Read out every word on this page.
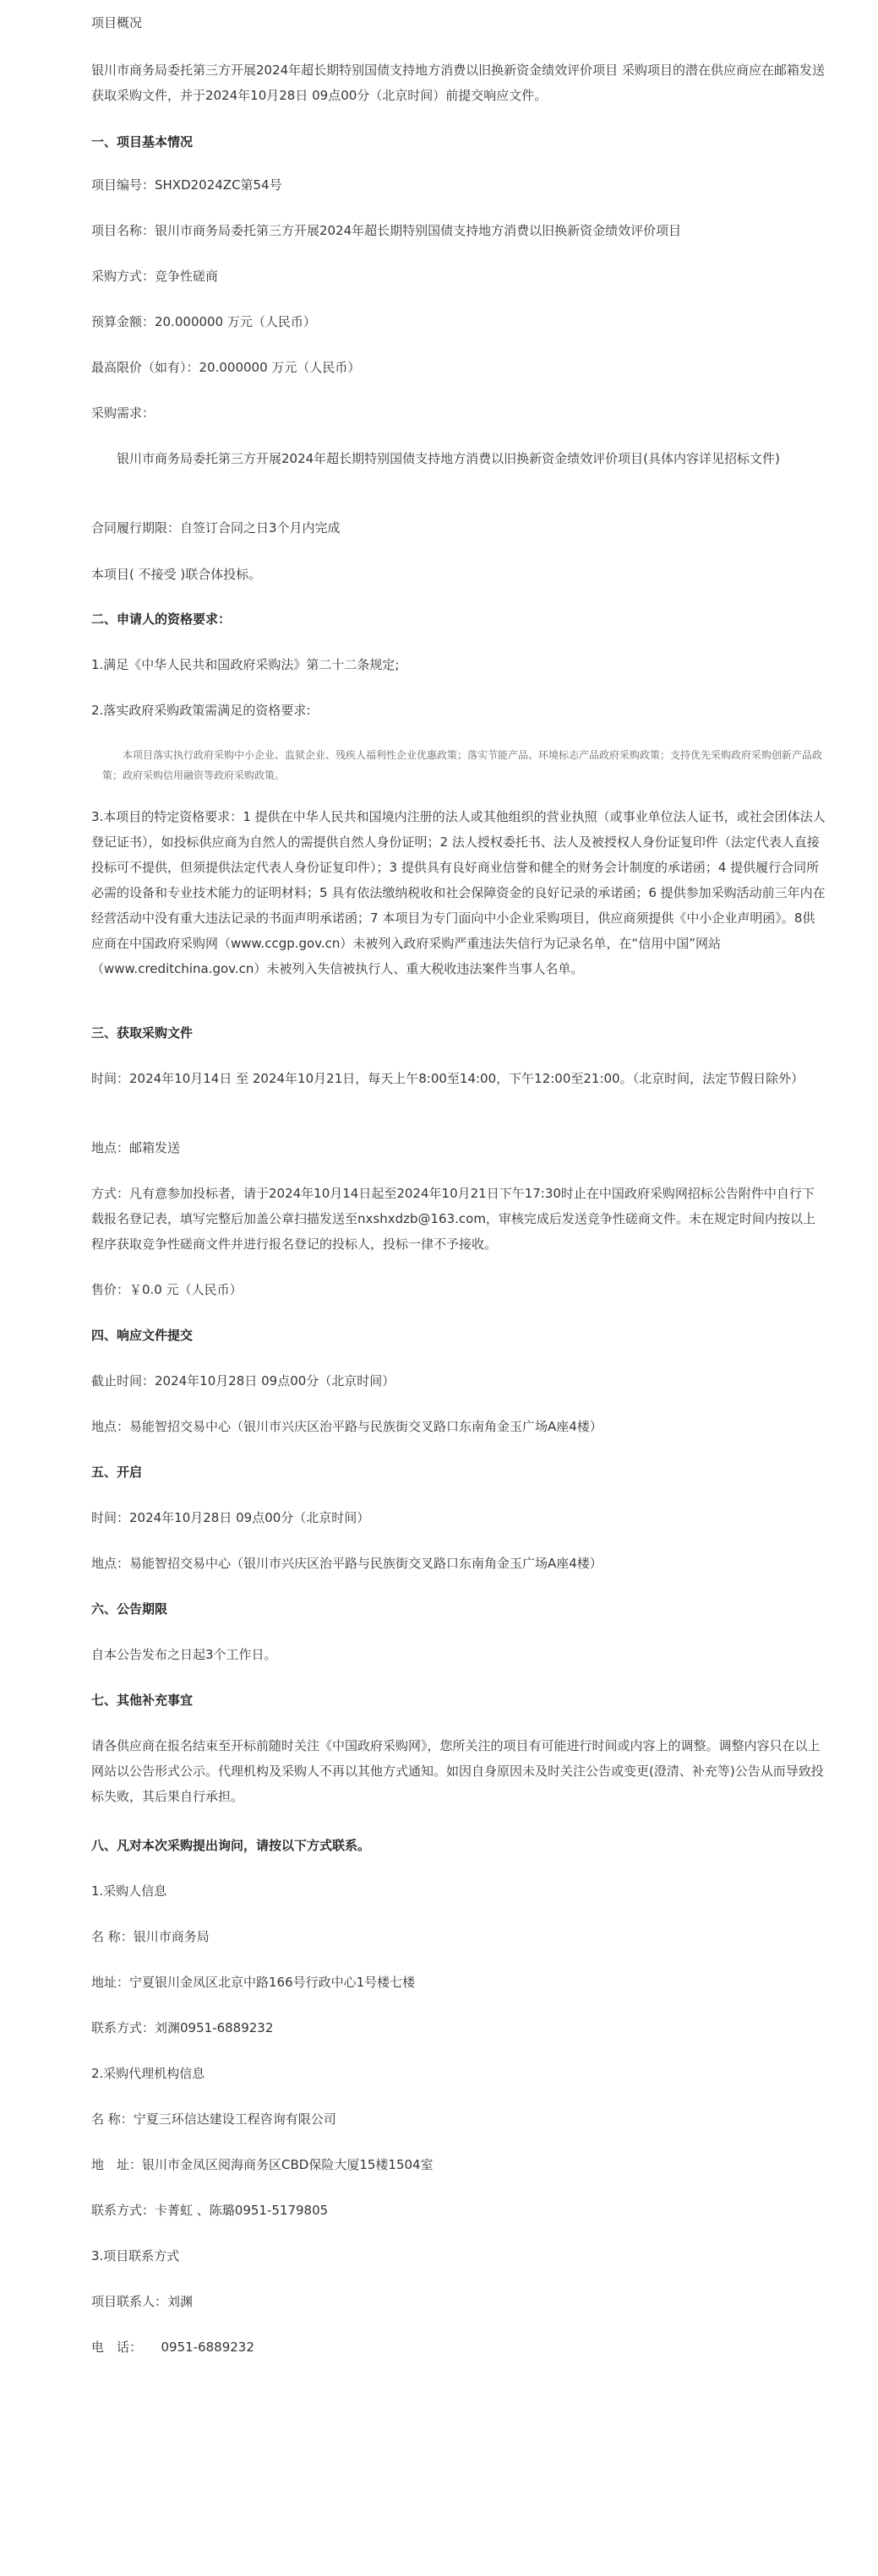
项目概况

银川市商务局委托第三方开展2024年超长期特别国债支持地方消费以旧换新资金绩效评价项目 采购项目的潜在供应商应在邮箱发送获取采购文件，并于2024年10月28日 09点00分（北京时间）前提交响应文件。

一、项目基本情况

项目编号：SHXD2024ZC第54号

项目名称：银川市商务局委托第三方开展2024年超长期特别国债支持地方消费以旧换新资金绩效评价项目

采购方式：竞争性磋商

预算金额：20.000000 万元（人民币）

最高限价（如有）：20.000000 万元（人民币）

采购需求：

银川市商务局委托第三方开展2024年超长期特别国债支持地方消费以旧换新资金绩效评价项目(具体内容详见招标文件)

合同履行期限：自签订合同之日3个月内完成

本项目( 不接受 )联合体投标。

二、申请人的资格要求：

1.满足《中华人民共和国政府采购法》第二十二条规定;

2.落实政府采购政策需满足的资格要求:

本项目落实执行政府采购中小企业、监狱企业、残疾人福利性企业优惠政策；落实节能产品、环境标志产品政府采购政策；支持优先采购政府采购创新产品政策；政府采购信用融资等政府采购政策。

3.本项目的特定资格要求：1 提供在中华人民共和国境内注册的法人或其他组织的营业执照（或事业单位法人证书，或社会团体法人登记证书），如投标供应商为自然人的需提供自然人身份证明；2 法人授权委托书、法人及被授权人身份证复印件（法定代表人直接投标可不提供，但须提供法定代表人身份证复印件）；3 提供具有良好商业信誉和健全的财务会计制度的承诺函；4 提供履行合同所必需的设备和专业技术能力的证明材料；5 具有依法缴纳税收和社会保障资金的良好记录的承诺函；6 提供参加采购活动前三年内在经营活动中没有重大违法记录的书面声明承诺函；7 本项目为专门面向中小企业采购项目，供应商须提供《中小企业声明函》。8供应商在中国政府采购网（www.ccgp.gov.cn）未被列入政府采购严重违法失信行为记录名单，在“信用中国”网站（www.creditchina.gov.cn）未被列入失信被执行人、重大税收违法案件当事人名单。

三、获取采购文件

时间：2024年10月14日 至 2024年10月21日，每天上午8:00至14:00，下午12:00至21:00。（北京时间，法定节假日除外）

地点：邮箱发送

方式：凡有意参加投标者，请于2024年10月14日起至2024年10月21日下午17:30时止在中国政府采购网招标公告附件中自行下载报名登记表，填写完整后加盖公章扫描发送至nxshxdzb@163.com，审核完成后发送竞争性磋商文件。未在规定时间内按以上程序获取竞争性磋商文件并进行报名登记的投标人，投标一律不予接收。

售价：￥0.0 元（人民币）

四、响应文件提交

截止时间：2024年10月28日 09点00分（北京时间）

地点：易能智招交易中心（银川市兴庆区治平路与民族街交叉路口东南角金玉广场A座4楼）

五、开启

时间：2024年10月28日 09点00分（北京时间）

地点：易能智招交易中心（银川市兴庆区治平路与民族街交叉路口东南角金玉广场A座4楼）

六、公告期限

自本公告发布之日起3个工作日。

七、其他补充事宜

请各供应商在报名结束至开标前随时关注《中国政府采购网》，您所关注的项目有可能进行时间或内容上的调整。调整内容只在以上网站以公告形式公示。代理机构及采购人不再以其他方式通知。如因自身原因未及时关注公告或变更(澄清、补充等)公告从而导致投标失败，其后果自行承担。

八、凡对本次采购提出询问，请按以下方式联系。

1.采购人信息

名 称：银川市商务局

地址：宁夏银川金凤区北京中路166号行政中心1号楼七楼

联系方式：刘渊0951-6889232

2.采购代理机构信息

名 称：宁夏三环信达建设工程咨询有限公司

地　址：银川市金凤区阅海商务区CBD保险大厦15楼1504室

联系方式：卡菁虹 、陈璐0951-5179805

3.项目联系方式

项目联系人：刘渊

电　话：　　0951-6889232
